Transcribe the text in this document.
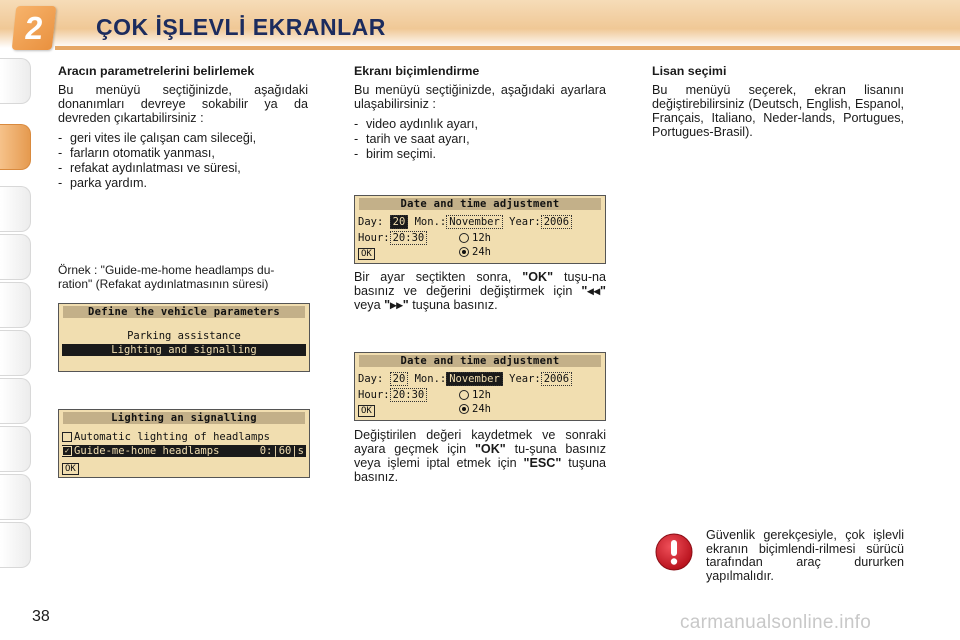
2 ÇOK İŞLEVLİ EKRANLAR
Aracın parametrelerini belirlemek

Bu menüyü seçtiğinizde, aşağıdaki donanımları devreye sokabilir ya da devreden çıkartabilirsiniz :

- geri vites ile çalışan cam sileceği,
- farların otomatik yanması,
- refakat aydınlatması ve süresi,
- parka yardım.
Örnek : "Guide-me-home headlamps du-ration" (Refakat aydınlatmasının süresi)
Define the vehicle parameters
Parking assistance
Lighting and signalling
Lighting an signalling
Automatic lighting of headlamps
✓ Guide-me-home headlamps	0:|60|s
OK
Ekranı biçimlendirme

Bu menüyü seçtiğinizde, aşağıdaki ayarlara ulaşabilirsiniz :

- video aydınlık ayarı,
- tarih ve saat ayarı,
- birim seçimi.
Date and time adjustment
Day: 20 Mon.: November Year: 2006
Hour: 20:30	12h
24h
OK
Bir ayar seçtikten sonra, "OK" tuşu-na basınız ve değerini değiştirmek için "◂◂" veya "▸▸" tuşuna basınız.
Date and time adjustment
Day: 20 Mon.: November Year: 2006
Hour: 20:30	12h
24h
OK
Değiştirilen değeri kaydetmek ve sonraki ayara geçmek için "OK" tu-şuna basınız veya işlemi iptal etmek için "ESC" tuşuna basınız.
Lisan seçimi

Bu menüyü seçerek, ekran lisanını değiştirebilirsiniz (Deutsch, English, Espanol, Français, Italiano, Neder-lands, Portugues, Portugues-Brasil).

Güvenlik gerekçesiyle, çok işlevli ekranın biçimlendi-rilmesi sürücü tarafından araç dururken yapılmalıdır.
38	carmanualsonline.info
